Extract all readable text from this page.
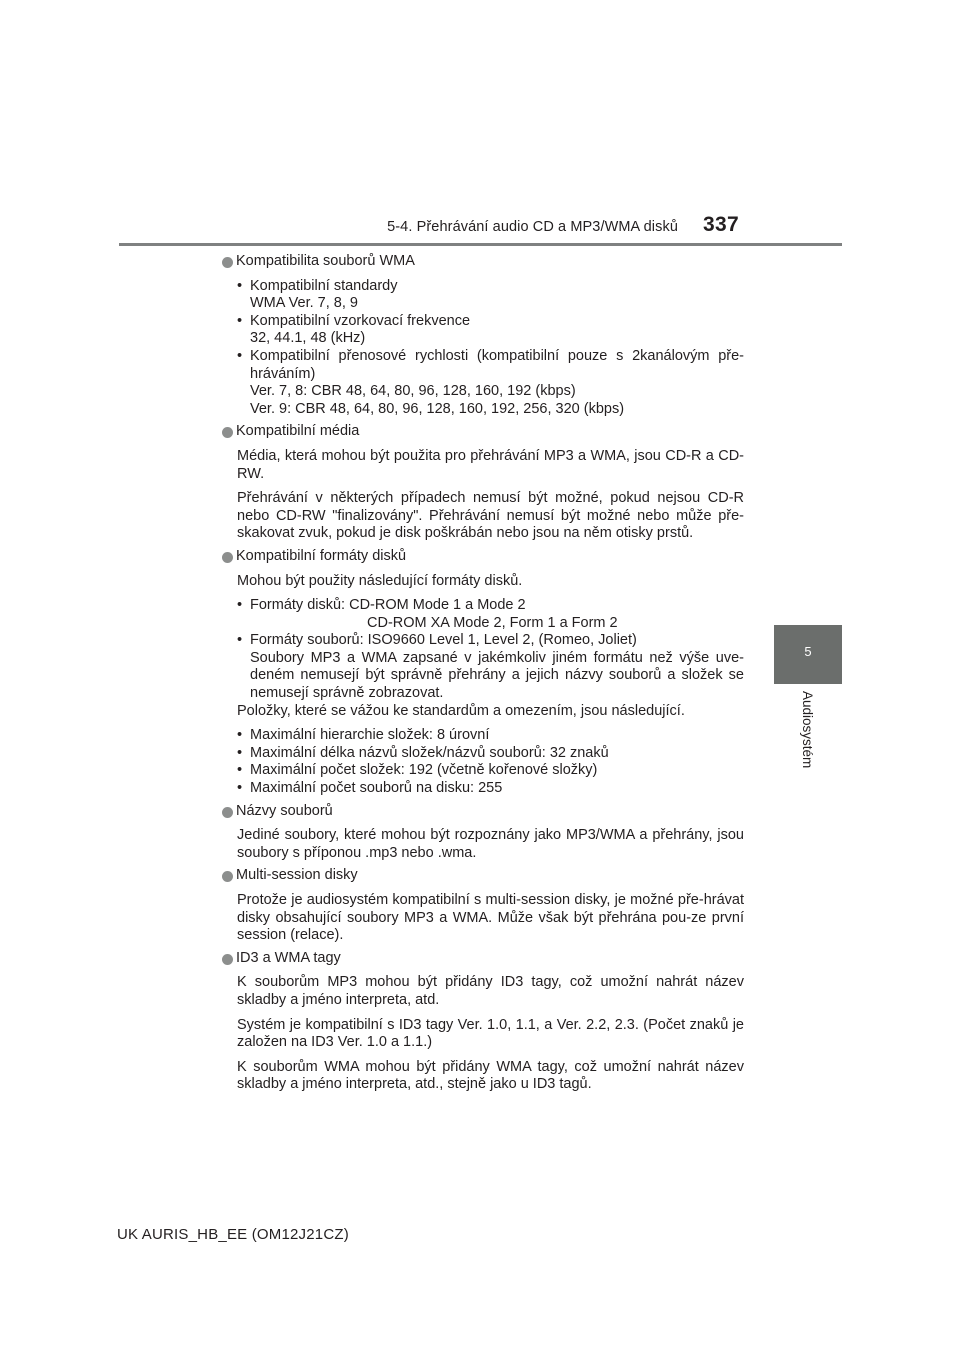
5-4. Přehrávání audio CD a MP3/WMA disků 337
5
Audiosystém
Kompatibilita souborů WMA
• Kompatibilní standardy
WMA Ver. 7, 8, 9
• Kompatibilní vzorkovací frekvence
32, 44.1, 48 (kHz)
• Kompatibilní přenosové rychlosti (kompatibilní pouze s 2kanálovým pře-hráváním)
Ver. 7, 8: CBR 48, 64, 80, 96, 128, 160, 192 (kbps)
Ver. 9: CBR 48, 64, 80, 96, 128, 160, 192, 256, 320 (kbps)
Kompatibilní média
Média, která mohou být použita pro přehrávání MP3 a WMA, jsou CD-R a CD-RW.
Přehrávání v některých případech nemusí být možné, pokud nejsou CD-R nebo CD-RW "finalizovány". Přehrávání nemusí být možné nebo může pře-skakovat zvuk, pokud je disk poškrábán nebo jsou na něm otisky prstů.
Kompatibilní formáty disků
Mohou být použity následující formáty disků.
• Formáty disků: CD-ROM Mode 1 a Mode 2
CD-ROM XA Mode 2, Form 1 a Form 2
• Formáty souborů: ISO9660 Level 1, Level 2, (Romeo, Joliet)
Soubory MP3 a WMA zapsané v jakémkoliv jiném formátu než výše uve-deném nemusejí být správně přehrány a jejich názvy souborů a složek se nemusejí správně zobrazovat.
Položky, které se vážou ke standardům a omezením, jsou následující.
• Maximální hierarchie složek: 8 úrovní
• Maximální délka názvů složek/názvů souborů: 32 znaků
• Maximální počet složek: 192 (včetně kořenové složky)
• Maximální počet souborů na disku: 255
Názvy souborů
Jediné soubory, které mohou být rozpoznány jako MP3/WMA a přehrány, jsou soubory s příponou .mp3 nebo .wma.
Multi-session disky
Protože je audiosystém kompatibilní s multi-session disky, je možné pře-hrávat disky obsahující soubory MP3 a WMA. Může však být přehrána pou-ze první session (relace).
ID3 a WMA tagy
K souborům MP3 mohou být přidány ID3 tagy, což umožní nahrát název skladby a jméno interpreta, atd.
Systém je kompatibilní s ID3 tagy Ver. 1.0, 1.1, a Ver. 2.2, 2.3. (Počet znaků je založen na ID3 Ver. 1.0 a 1.1.)
K souborům WMA mohou být přidány WMA tagy, což umožní nahrát název skladby a jméno interpreta, atd., stejně jako u ID3 tagů.
UK AURIS_HB_EE (OM12J21CZ)
